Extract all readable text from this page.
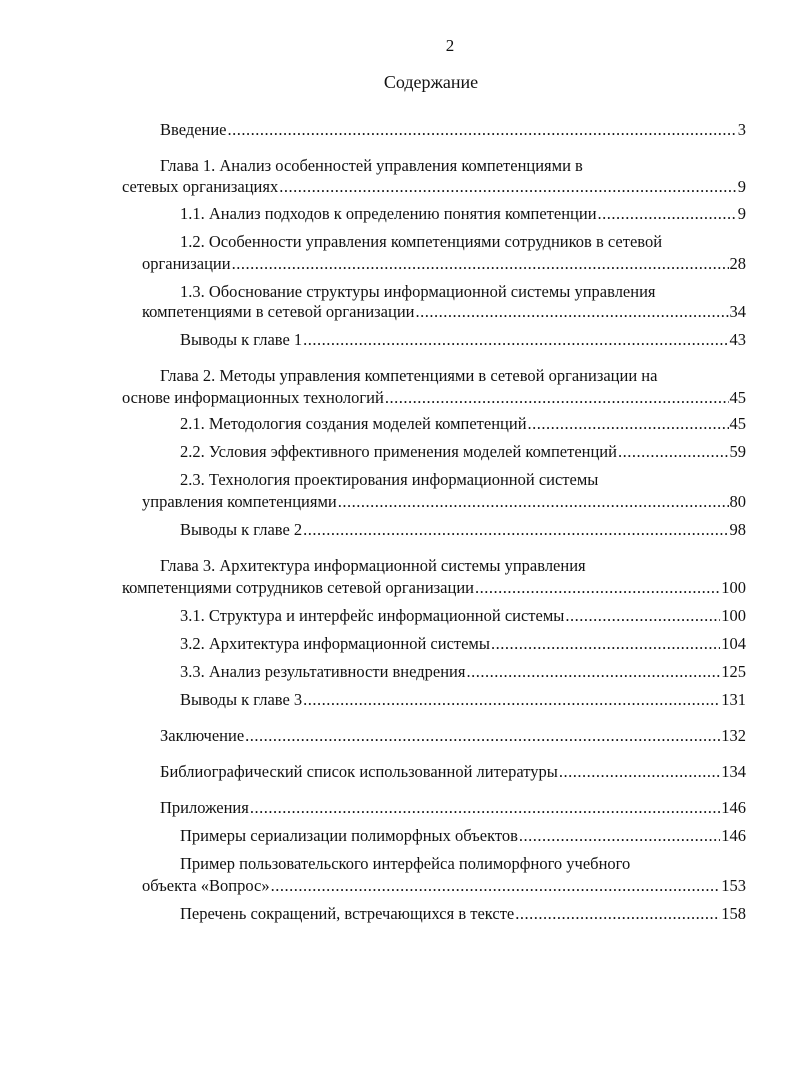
2
Содержание
Введение .....	3
Глава 1. Анализ особенностей управления компетенциями в
сетевых организациях .....	9
1.1. Анализ подходов к определению понятия компетенции .....	9
1.2. Особенности управления компетенциями сотрудников в сетевой
организации .....	28
1.3. Обоснование структуры информационной системы управления
компетенциями в сетевой организации .....	34
Выводы к главе 1 .....	43
Глава 2. Методы управления компетенциями в сетевой организации на
основе информационных технологий .....	45
2.1. Методология создания моделей компетенций .....	45
2.2. Условия эффективного применения моделей компетенций .....	59
2.3. Технология проектирования информационной системы
управления компетенциями .....	80
Выводы к главе 2 .....	98
Глава 3. Архитектура информационной системы управления
компетенциями сотрудников сетевой организации .....	100
3.1. Структура и интерфейс информационной системы .....	100
3.2. Архитектура информационной системы .....	104
3.3. Анализ результативности внедрения .....	125
Выводы к главе 3 .....	131
Заключение .....	132
Библиографический список использованной литературы .....	134
Приложения .....	146
Примеры сериализации полиморфных объектов .....	146
Пример пользовательского интерфейса полиморфного учебного
объекта «Вопрос» .....	153
Перечень сокращений, встречающихся в тексте .....	158
